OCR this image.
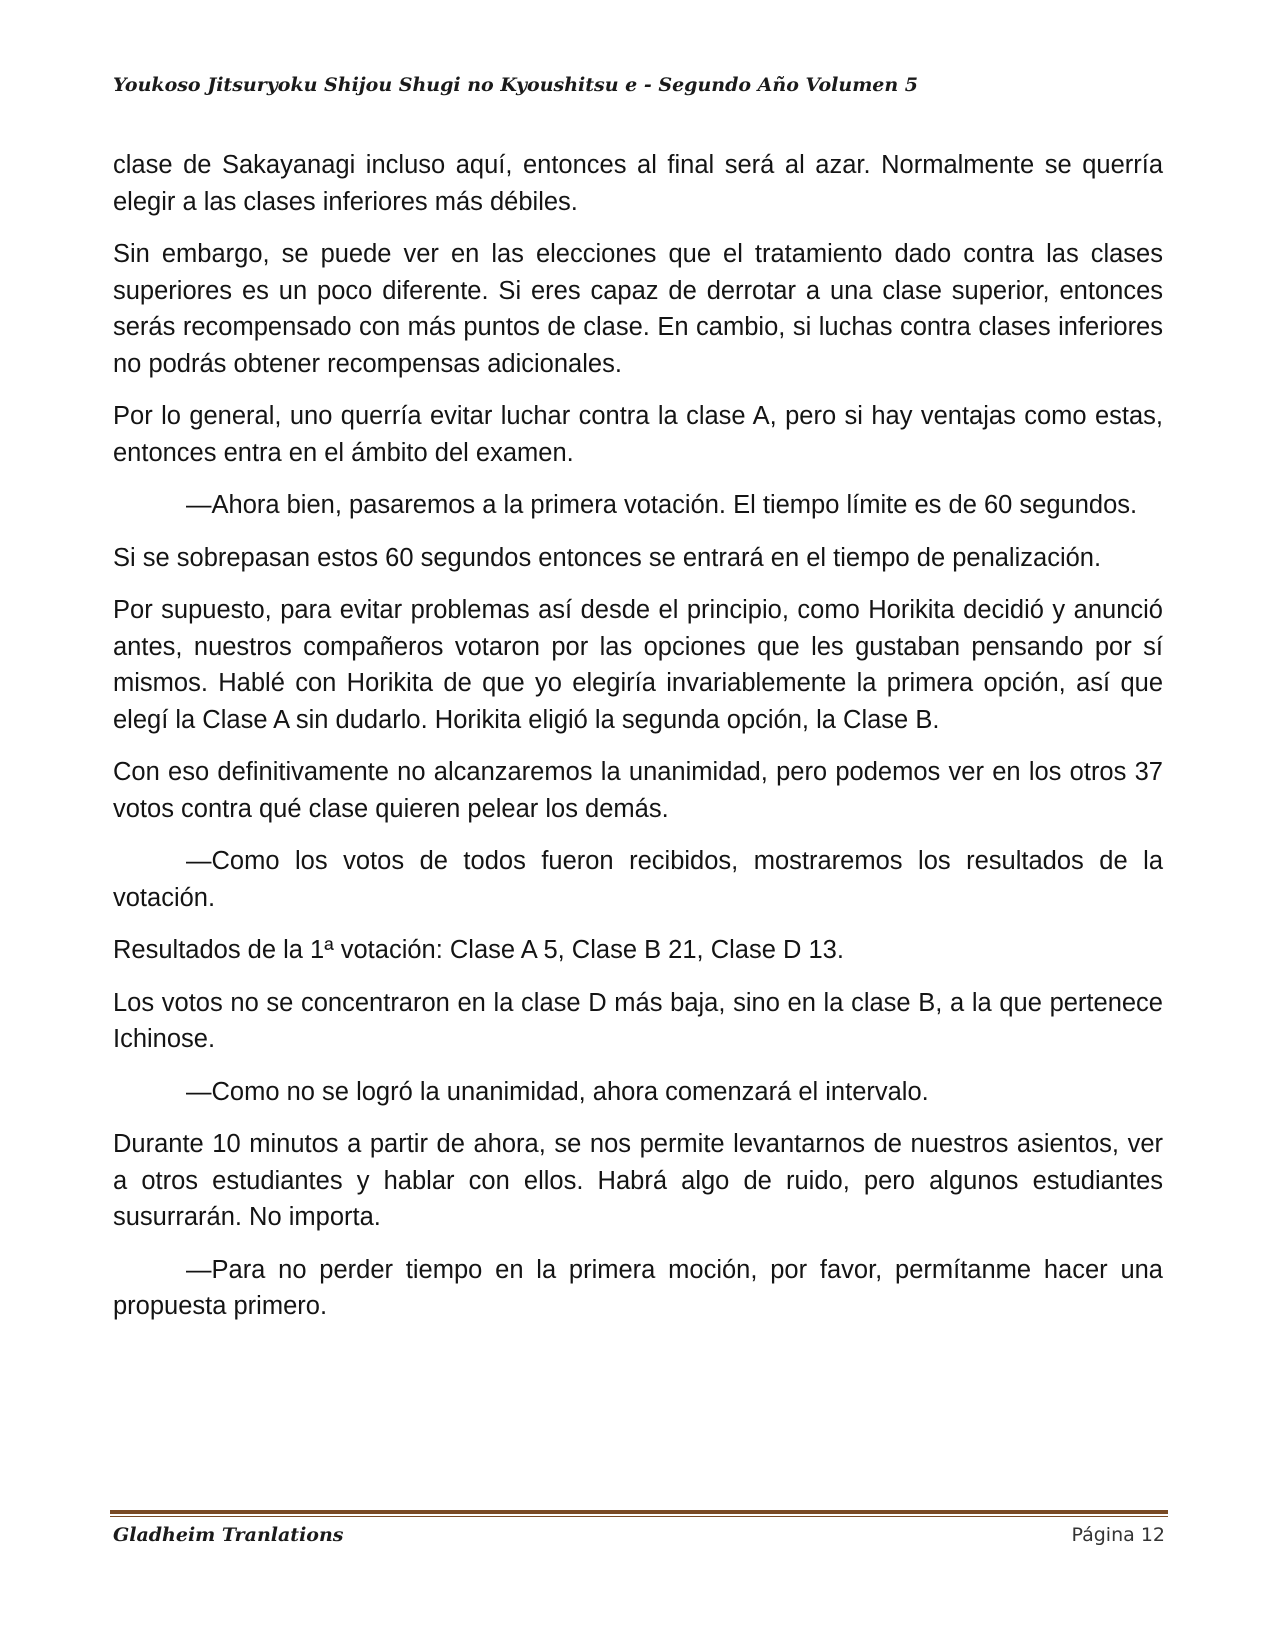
Youkoso Jitsuryoku Shijou Shugi no Kyoushitsu e - Segundo Año Volumen 5

clase de Sakayanagi incluso aquí, entonces al final será al azar. Normalmente se querría elegir a las clases inferiores más débiles.

Sin embargo, se puede ver en las elecciones que el tratamiento dado contra las clases superiores es un poco diferente. Si eres capaz de derrotar a una clase superior, entonces serás recompensado con más puntos de clase. En cambio, si luchas contra clases inferiores no podrás obtener recompensas adicionales.

Por lo general, uno querría evitar luchar contra la clase A, pero si hay ventajas como estas, entonces entra en el ámbito del examen.

—Ahora bien, pasaremos a la primera votación. El tiempo límite es de 60 segundos.

Si se sobrepasan estos 60 segundos entonces se entrará en el tiempo de penalización.

Por supuesto, para evitar problemas así desde el principio, como Horikita decidió y anunció antes, nuestros compañeros votaron por las opciones que les gustaban pensando por sí mismos. Hablé con Horikita de que yo elegiría invariablemente la primera opción, así que elegí la Clase A sin dudarlo. Horikita eligió la segunda opción, la Clase B.

Con eso definitivamente no alcanzaremos la unanimidad, pero podemos ver en los otros 37 votos contra qué clase quieren pelear los demás.

—Como los votos de todos fueron recibidos, mostraremos los resultados de la votación.

Resultados de la 1ª votación: Clase A 5, Clase B 21, Clase D 13.

Los votos no se concentraron en la clase D más baja, sino en la clase B, a la que pertenece Ichinose.

—Como no se logró la unanimidad, ahora comenzará el intervalo.

Durante 10 minutos a partir de ahora, se nos permite levantarnos de nuestros asientos, ver a otros estudiantes y hablar con ellos. Habrá algo de ruido, pero algunos estudiantes susurrarán. No importa.

—Para no perder tiempo en la primera moción, por favor, permítanme hacer una propuesta primero.

Gladheim Tranlations	Página 12
